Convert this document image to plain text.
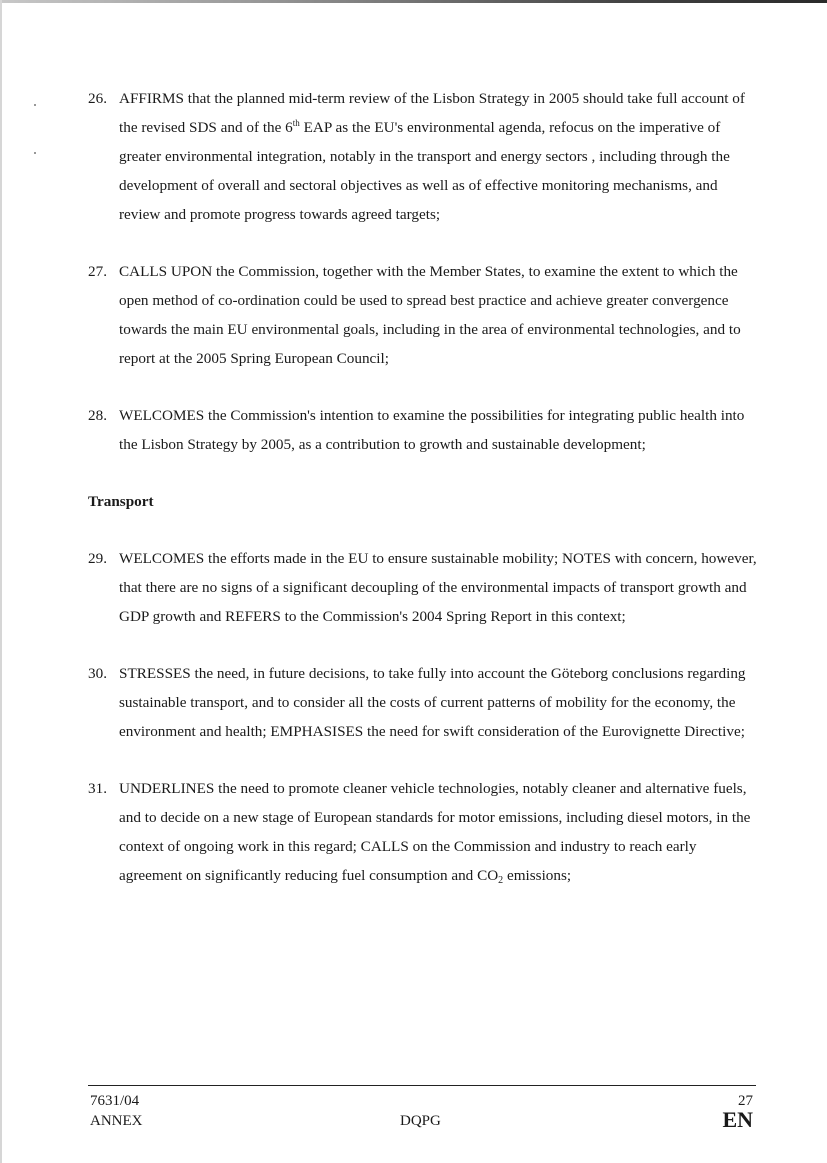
26. AFFIRMS that the planned mid-term review of the Lisbon Strategy in 2005 should take full account of the revised SDS and of the 6th EAP as the EU's environmental agenda, refocus on the imperative of greater environmental integration, notably in the transport and energy sectors , including through the development of overall and sectoral objectives as well as of effective monitoring mechanisms, and review and promote progress towards agreed targets;
27. CALLS UPON the Commission, together with the Member States, to examine the extent to which the open method of co-ordination could be used to spread best practice and achieve greater convergence towards the main EU environmental goals, including in the area of environmental technologies, and to report at the 2005 Spring European Council;
28. WELCOMES the Commission's intention to examine the possibilities for integrating public health into the Lisbon Strategy by 2005, as a contribution to growth and sustainable development;
Transport
29. WELCOMES the efforts made in the EU to ensure sustainable mobility; NOTES with concern, however, that there are no signs of a significant decoupling of the environmental impacts of transport growth and GDP growth and REFERS to the Commission's 2004 Spring Report in this context;
30. STRESSES the need, in future decisions, to take fully into account the Göteborg conclusions regarding sustainable transport, and to consider all the costs of current patterns of mobility for the economy, the environment and health; EMPHASISES the need for swift consideration of the Eurovignette Directive;
31. UNDERLINES the need to promote cleaner vehicle technologies, notably cleaner and alternative fuels, and to decide on a new stage of European standards for motor emissions, including diesel motors, in the context of ongoing work in this regard; CALLS on the Commission and industry to reach early agreement on significantly reducing fuel consumption and $CO_2$ emissions;
7631/04
ANNEX	DQPG
27
EN
